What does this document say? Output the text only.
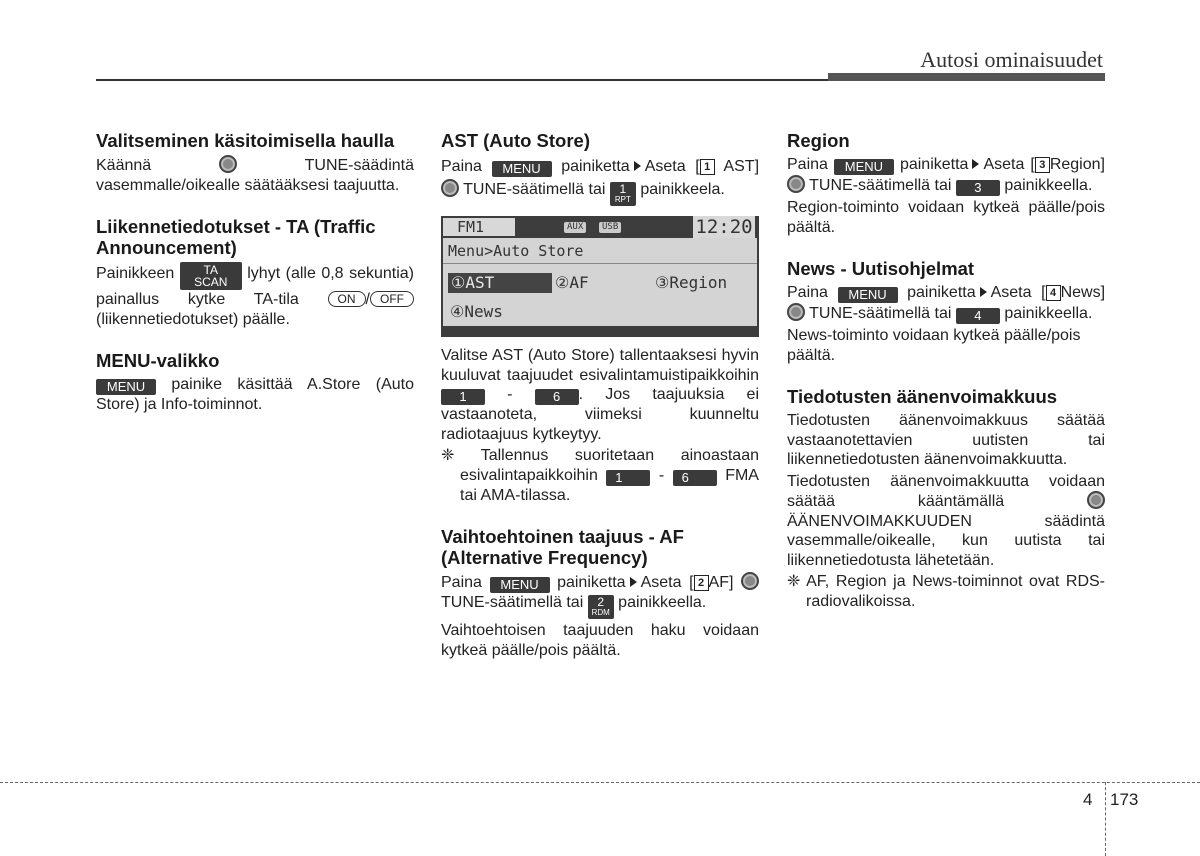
Autosi ominaisuudet
Valitseminen käsitoimisella haulla

Käännä	TUNE-säädintä vasemmalle/oikealle säätääksesi taajuutta.

Liikennetiedotukset - TA (Traffic Announcement)

Painikkeen	TA
SCAN	lyhyt (alle 0,8 sekuntia) painallus kytke TA-tila	ON / OFF (liikennetiedotukset) päälle.

MENU-valikko

MENU painike käsittää A.Store (Auto Store) ja Info-toiminnot.

AST (Auto Store)

Paina MENU painiketta Aseta [ 1 AST]  TUNE-säätimellä tai	1
RPT
painikkeela.

FM1	AUX	USB	12:20
Menu>Auto Store
①AST	②AF	③Region
④News

Valitse AST (Auto Store) tallentaaksesi hyvin kuuluvat taajuudet esivalintamuistipaikkoihin 1	-	6 . Jos taajuuksia ei vastaanoteta, viimeksi kuunneltu radiotaajuus kytkeytyy.

❈ Tallennus suoritetaan ainoastaan esivalintapaikkoihin 1 - 6 FMA tai AMA-tilassa.

Vaihtoehtoinen taajuus - AF (Alternative Frequency)

Paina MENU painiketta Aseta [ 2 AF]  TUNE-säätimellä tai	2
RDM
painikkeella.

Vaihtoehtoisen taajuuden haku voidaan kytkeä päälle/pois päältä.

Region

Paina MENU painiketta Aseta [ 3 Region]  TUNE-säätimellä tai 3 painikkeella.

Region-toiminto voidaan kytkeä päälle/pois päältä.

News - Uutisohjelmat

Paina MENU painiketta Aseta [ 4 News]  TUNE-säätimellä tai 4 painikkeella.

News-toiminto voidaan kytkeä päälle/pois päältä.

Tiedotusten äänenvoimakkuus

Tiedotusten äänenvoimakkuus säätää vastaanotettavien uutisten tai liikennetiedotusten äänenvoimakkuutta.

Tiedotusten äänenvoimakkuutta voidaan säätää kääntämällä  ÄÄNENVOIMAKKUUDEN säädintä vasemmalle/oikealle, kun uutista tai liikennetiedotusta lähetetään.

❈ AF, Region ja News-toiminnot ovat RDS-radiovalikoissa.

4 173
